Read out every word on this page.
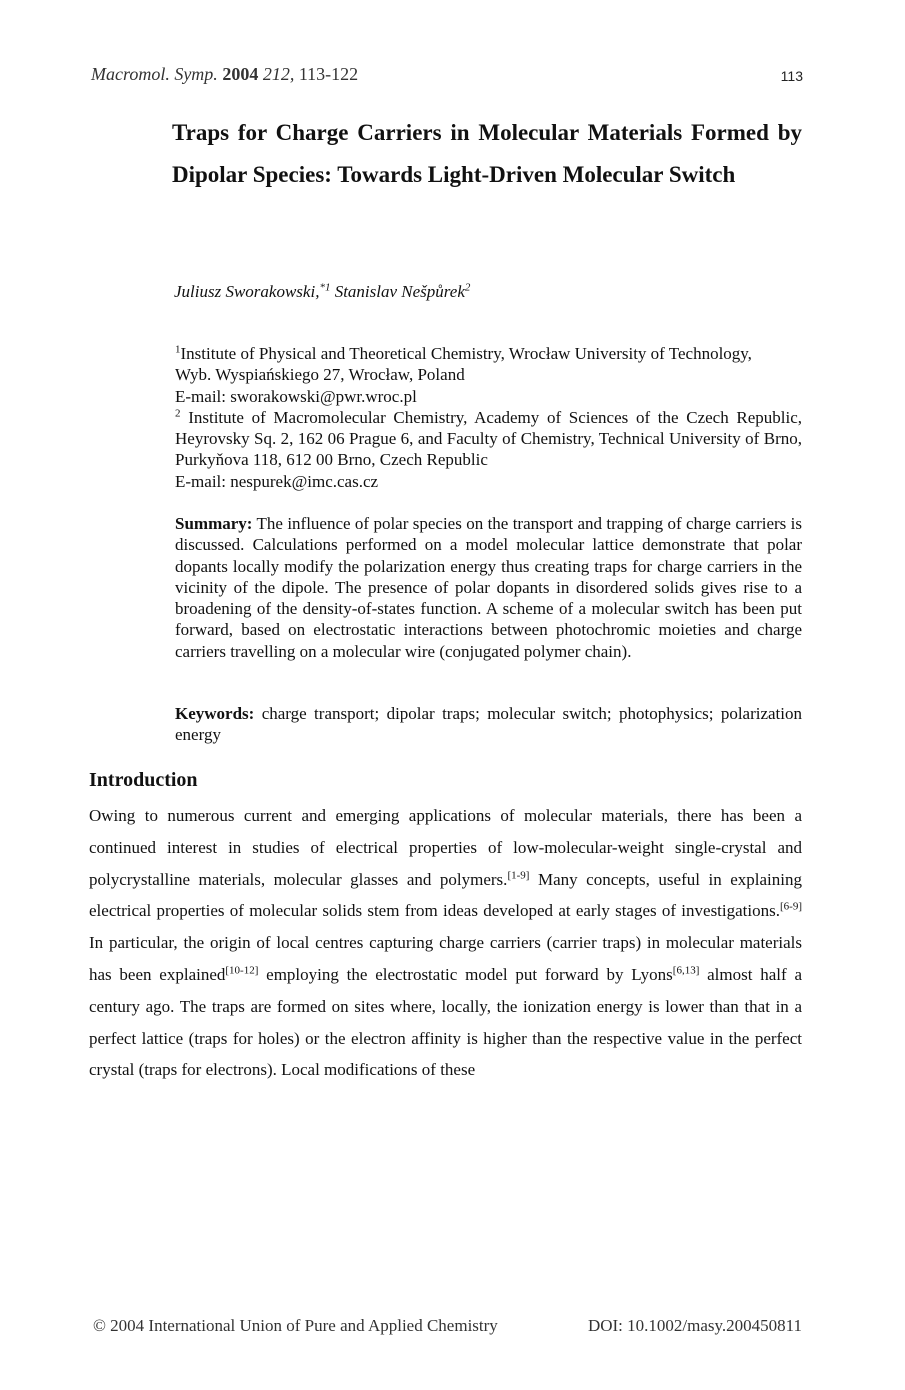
Macromol. Symp. 2004 212, 113-122	113
Traps for Charge Carriers in Molecular Materials Formed by Dipolar Species: Towards Light-Driven Molecular Switch
Juliusz Sworakowski,$^{*1}$ Stanislav Nešpůrek$^2$
$^1$Institute of Physical and Theoretical Chemistry, Wrocław University of Technology,
Wyb. Wyspiańskiego 27, Wrocław, Poland
E-mail: sworakowski@pwr.wroc.pl
$^2$ Institute of Macromolecular Chemistry, Academy of Sciences of the Czech Republic, Heyrovsky Sq. 2, 162 06 Prague 6, and Faculty of Chemistry, Technical University of Brno, Purkyňova 118, 612 00 Brno, Czech Republic
E-mail: nespurek@imc.cas.cz
Summary: The influence of polar species on the transport and trapping of charge carriers is discussed. Calculations performed on a model molecular lattice demonstrate that polar dopants locally modify the polarization energy thus creating traps for charge carriers in the vicinity of the dipole. The presence of polar dopants in disordered solids gives rise to a broadening of the density-of-states function. A scheme of a molecular switch has been put forward, based on electrostatic interactions between photochromic moieties and charge carriers travelling on a molecular wire (conjugated polymer chain).
Keywords: charge transport; dipolar traps; molecular switch; photophysics; polarization energy
Introduction
Owing to numerous current and emerging applications of molecular materials, there has been a continued interest in studies of electrical properties of low-molecular-weight single-crystal and polycrystalline materials, molecular glasses and polymers.[1-9] Many concepts, useful in explaining electrical properties of molecular solids stem from ideas developed at early stages of investigations.[6-9] In particular, the origin of local centres capturing charge carriers (carrier traps) in molecular materials has been explained[10-12] employing the electrostatic model put forward by Lyons[6,13] almost half a century ago. The traps are formed on sites where, locally, the ionization energy is lower than that in a perfect lattice (traps for holes) or the electron affinity is higher than the respective value in the perfect crystal (traps for electrons). Local modifications of these
© 2004 International Union of Pure and Applied Chemistry	DOI: 10.1002/masy.200450811
